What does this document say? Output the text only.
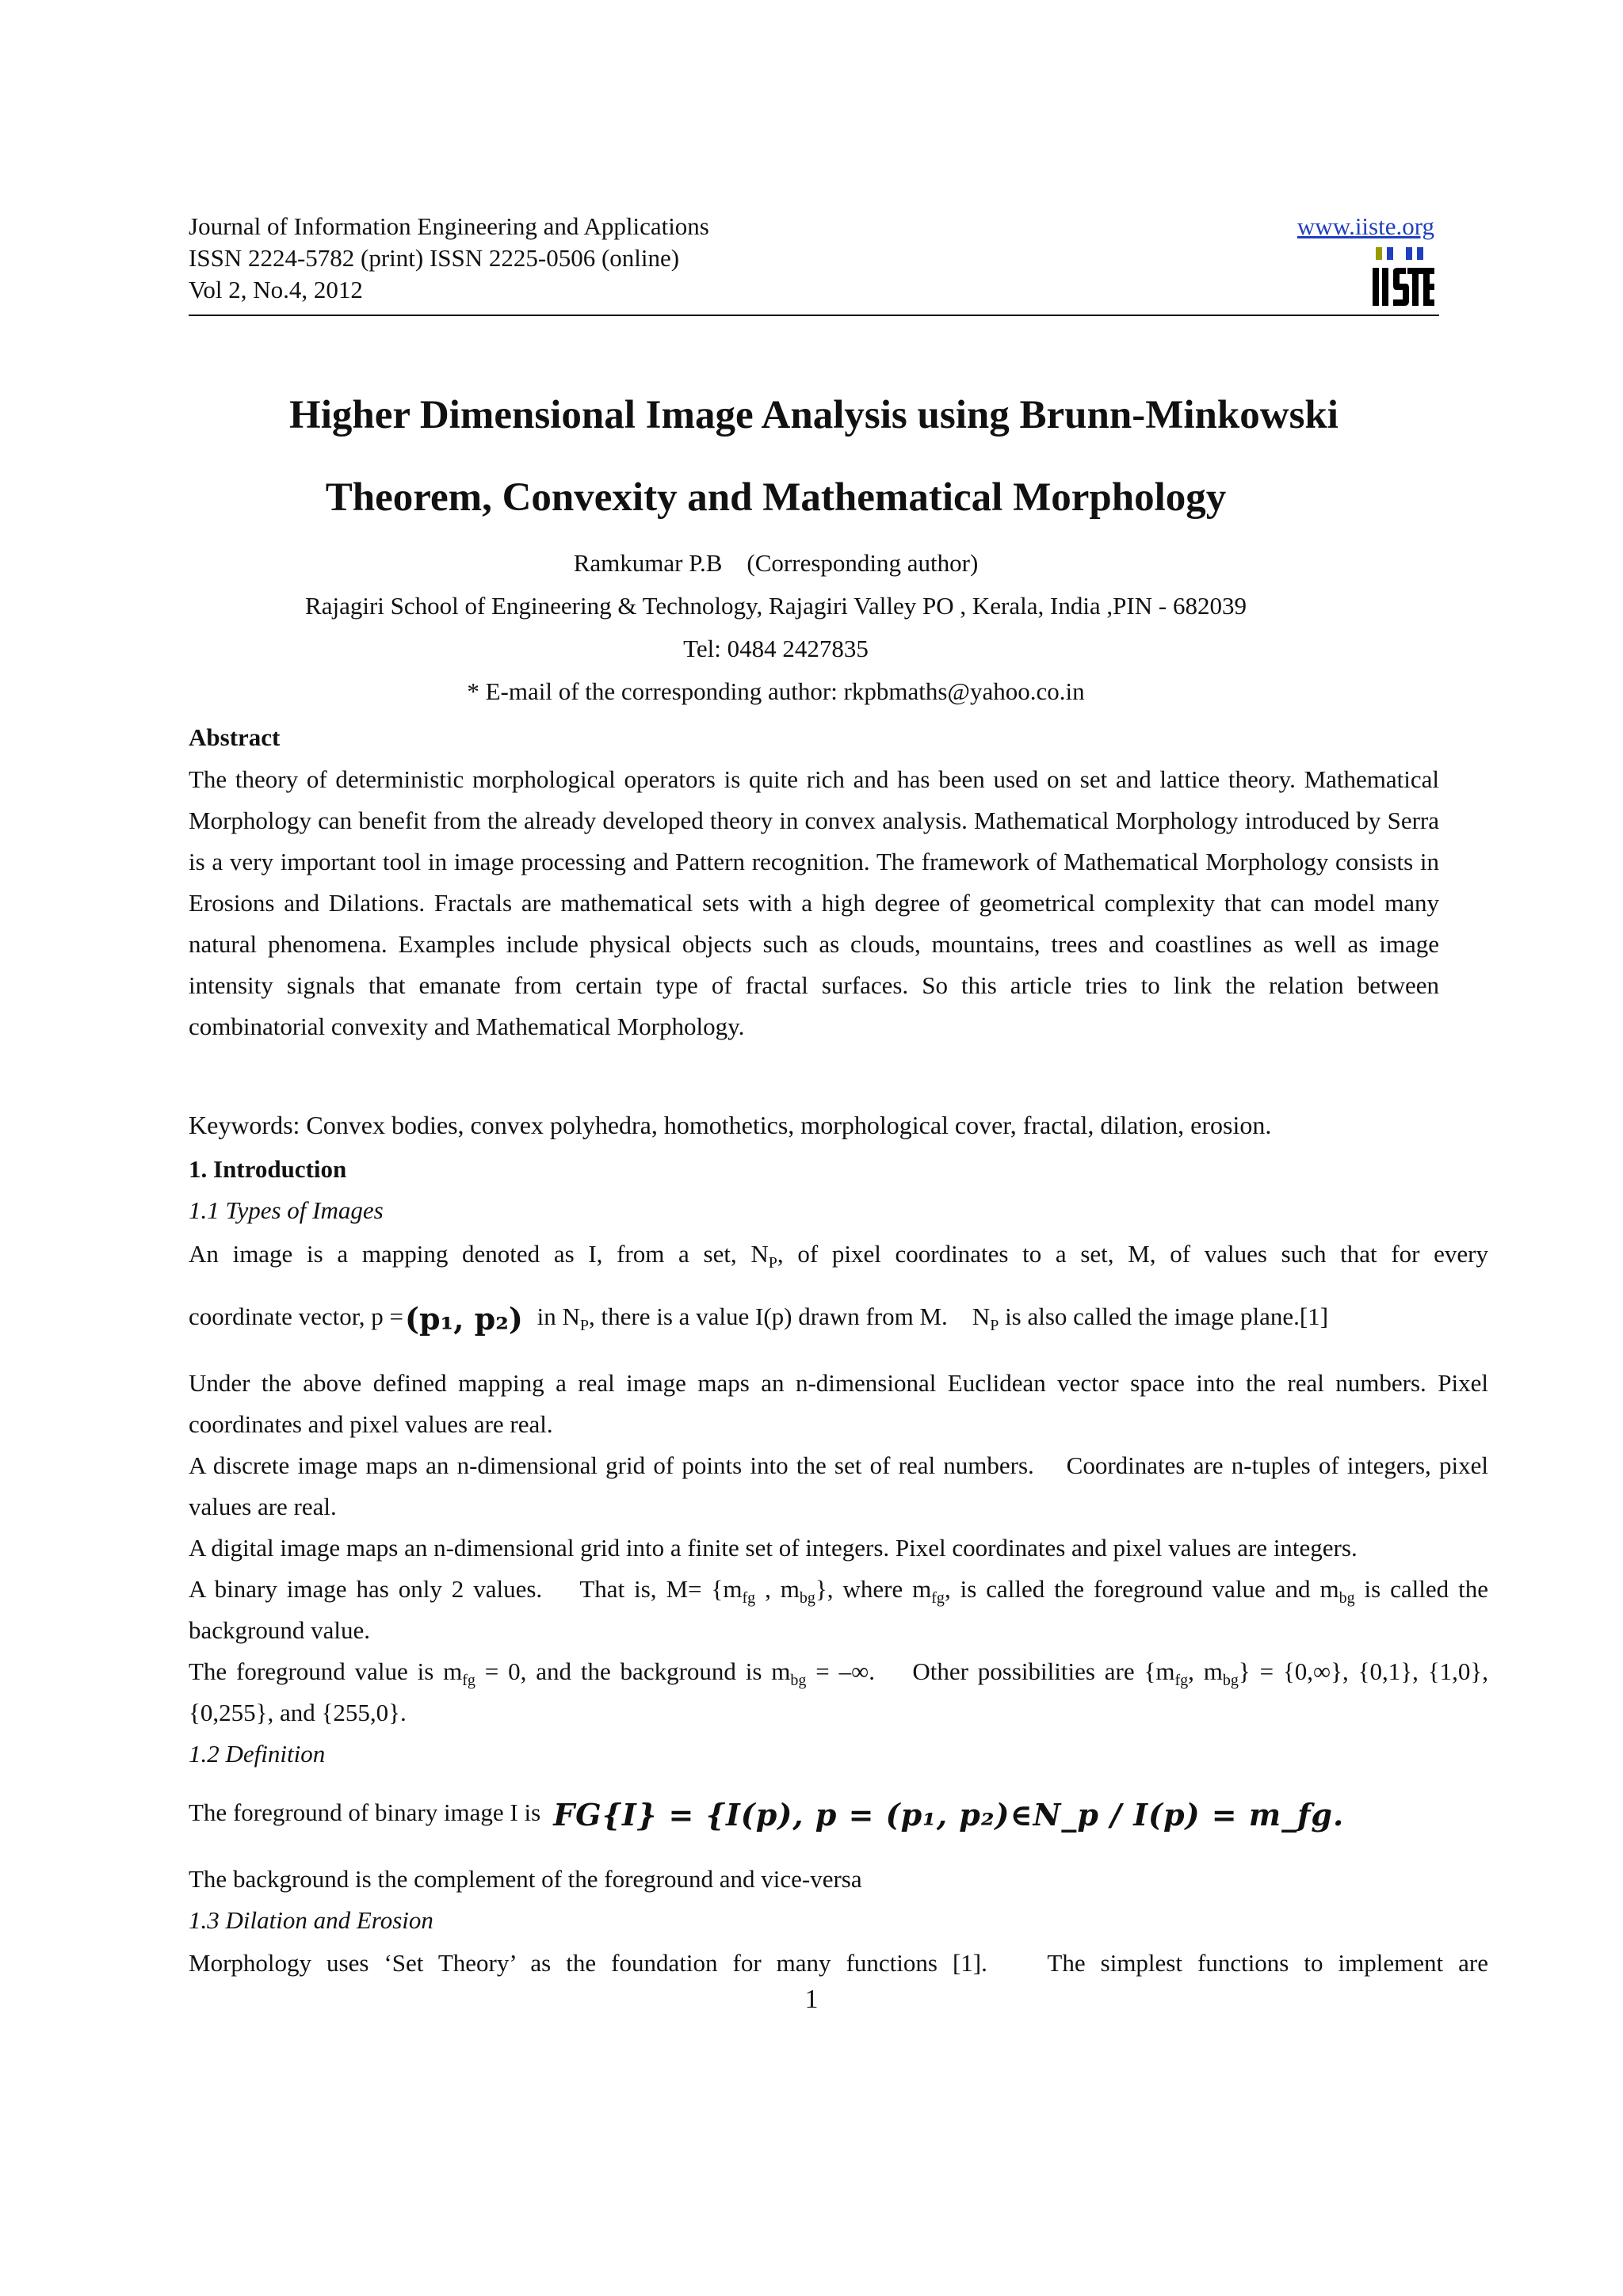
Journal of Information Engineering and Applications
ISSN 2224-5782 (print) ISSN 2225-0506 (online)
Vol 2, No.4, 2012
www.iiste.org
Higher Dimensional Image Analysis using Brunn-Minkowski
Theorem, Convexity and Mathematical Morphology
Ramkumar P.B    (Corresponding author)
Rajagiri School of Engineering & Technology, Rajagiri Valley PO , Kerala, India ,PIN - 682039
Tel: 0484 2427835
* E-mail of the corresponding author: rkpbmaths@yahoo.co.in
Abstract
The theory of deterministic morphological operators is quite rich and has been used on set and lattice theory. Mathematical Morphology can benefit from the already developed theory in convex analysis. Mathematical Morphology introduced by Serra is a very important tool in image processing and Pattern recognition. The framework of Mathematical Morphology consists in Erosions and Dilations. Fractals are mathematical sets with a high degree of geometrical complexity that can model many natural phenomena. Examples include physical objects such as clouds, mountains, trees and coastlines as well as image intensity signals that emanate from certain type of fractal surfaces. So this article tries to link the relation between combinatorial convexity and Mathematical Morphology.
Keywords: Convex bodies, convex polyhedra, homothetics, morphological cover, fractal, dilation, erosion.
1. Introduction
1.1 Types of Images
An image is a mapping denoted as I, from a set, $N_P$, of pixel coordinates to a set, M, of values such that for every
coordinate vector, p =(p₁, p₂) in $N_P$, there is a value I(p) drawn from M.    $N_P$ is also called the image plane.[1]
Under the above defined mapping a real image maps an n-dimensional Euclidean vector space into the real numbers. Pixel coordinates and pixel values are real.
A discrete image maps an n-dimensional grid of points into the set of real numbers.    Coordinates are n-tuples of integers, pixel values are real.
A digital image maps an n-dimensional grid into a finite set of integers. Pixel coordinates and pixel values are integers.
A binary image has only 2 values.    That is, $M= \{m_{fg}$ , $m_{bg}$}, where $m_{fg}$, is called the foreground value and $m_{bg}$ is called the background value.
The foreground value is $m_{fg} = 0$, and the background is $m_{bg}$ = –∞.    Other possibilities are {$m_{fg}$, $m_{bg}\} = \{0,\infty\}$, {0,1}, {1,0},    {0,255}, and {255,0}.
1.2 Definition
The foreground of binary image I is FG{I} = {I(p), p = (p₁, p₂)∈N_p / I(p) = m_fg.
The background is the complement of the foreground and vice-versa
1.3 Dilation and Erosion
Morphology uses ‘Set Theory’ as the foundation for many functions [1].    The simplest functions to implement are
1
